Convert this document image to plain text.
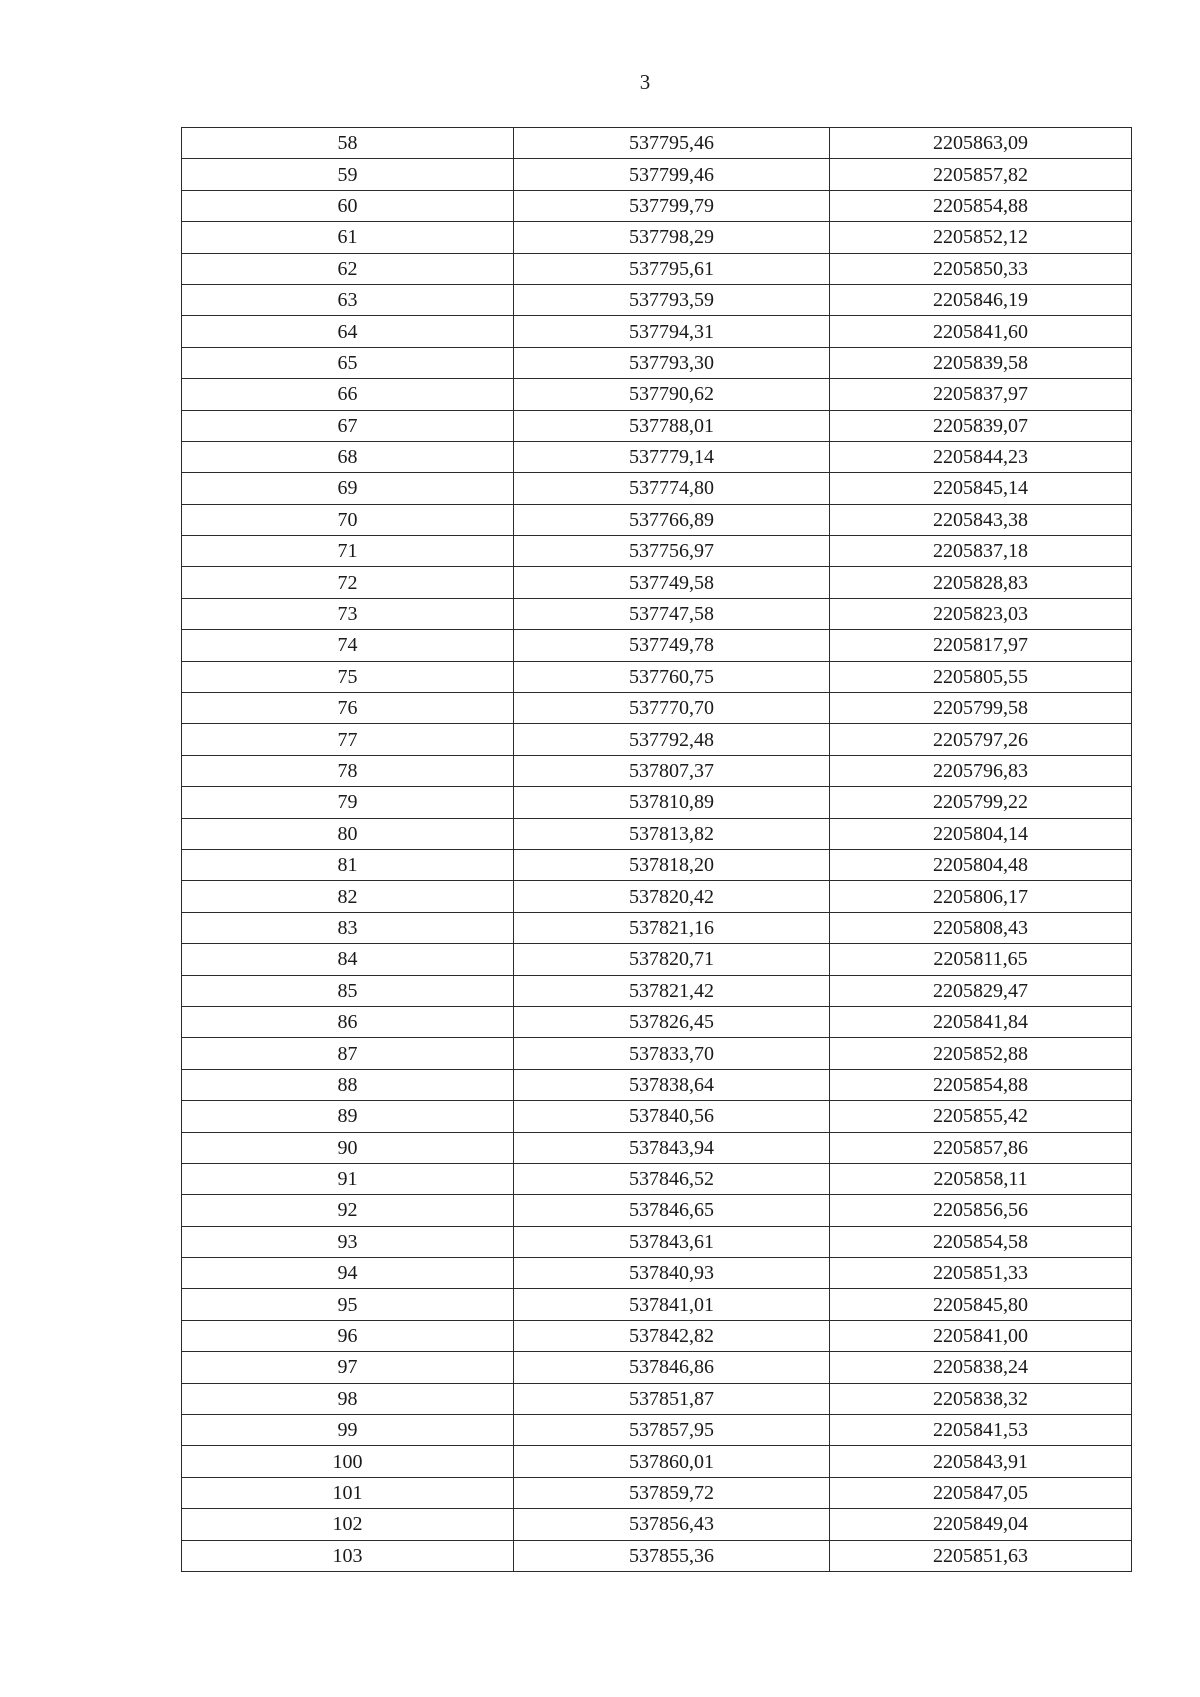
3
58	537795,46	2205863,09
59	537799,46	2205857,82
60	537799,79	2205854,88
61	537798,29	2205852,12
62	537795,61	2205850,33
63	537793,59	2205846,19
64	537794,31	2205841,60
65	537793,30	2205839,58
66	537790,62	2205837,97
67	537788,01	2205839,07
68	537779,14	2205844,23
69	537774,80	2205845,14
70	537766,89	2205843,38
71	537756,97	2205837,18
72	537749,58	2205828,83
73	537747,58	2205823,03
74	537749,78	2205817,97
75	537760,75	2205805,55
76	537770,70	2205799,58
77	537792,48	2205797,26
78	537807,37	2205796,83
79	537810,89	2205799,22
80	537813,82	2205804,14
81	537818,20	2205804,48
82	537820,42	2205806,17
83	537821,16	2205808,43
84	537820,71	2205811,65
85	537821,42	2205829,47
86	537826,45	2205841,84
87	537833,70	2205852,88
88	537838,64	2205854,88
89	537840,56	2205855,42
90	537843,94	2205857,86
91	537846,52	2205858,11
92	537846,65	2205856,56
93	537843,61	2205854,58
94	537840,93	2205851,33
95	537841,01	2205845,80
96	537842,82	2205841,00
97	537846,86	2205838,24
98	537851,87	2205838,32
99	537857,95	2205841,53
100	537860,01	2205843,91
101	537859,72	2205847,05
102	537856,43	2205849,04
103	537855,36	2205851,63
